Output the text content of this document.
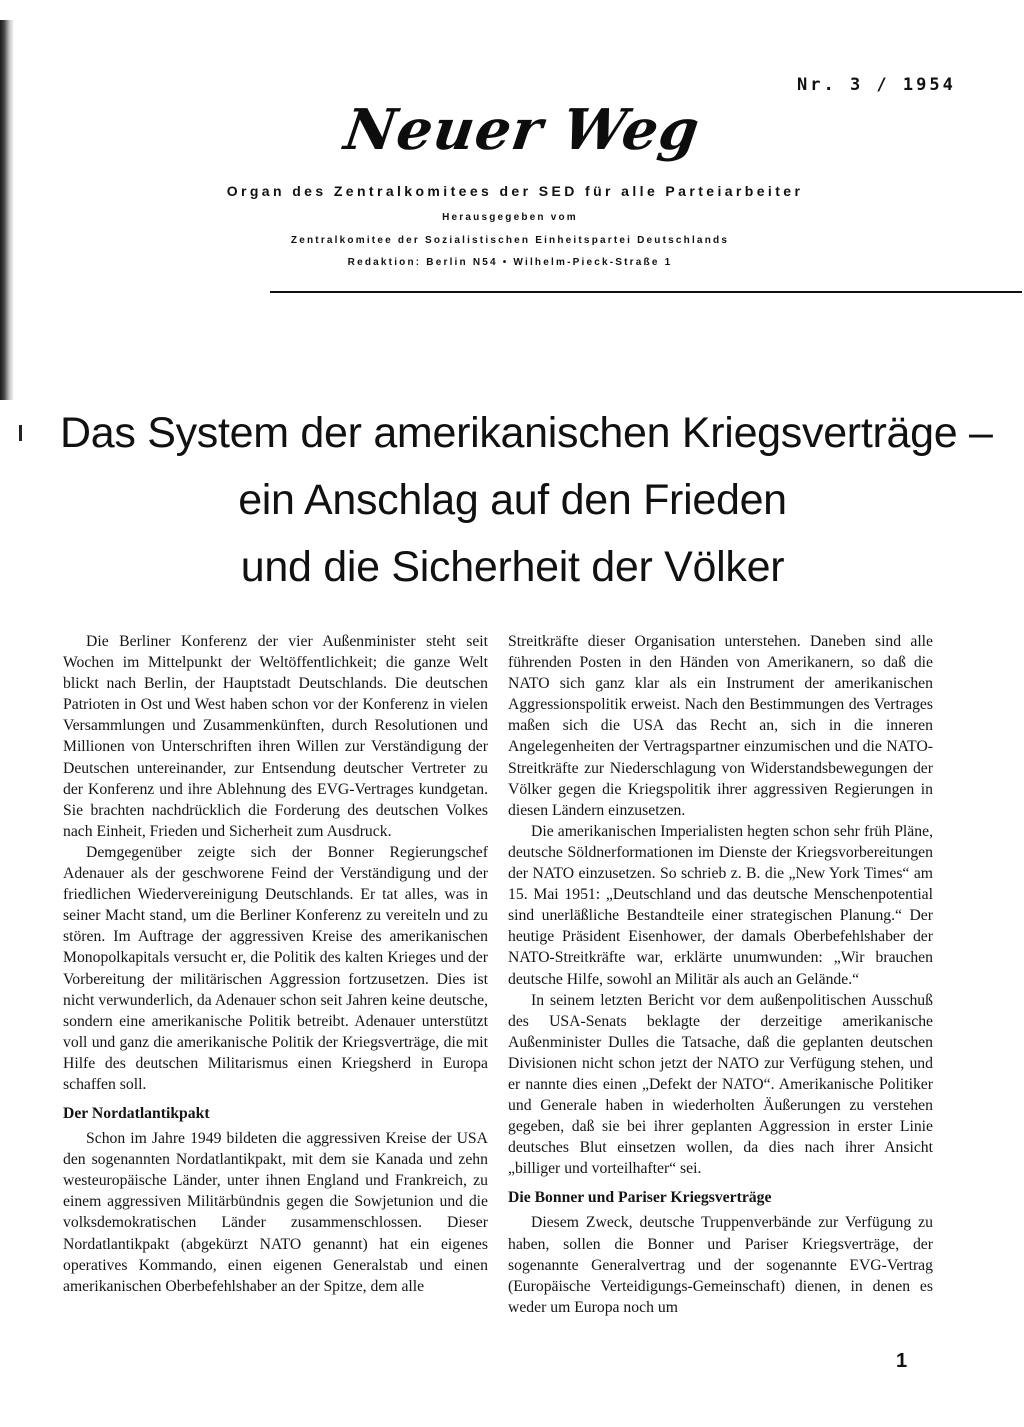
Nr. 3 / 1954
Neuer Weg
Organ des Zentralkomitees der SED für alle Parteiarbeiter
Herausgegeben vom
Zentralkomitee der Sozialistischen Einheitspartei Deutschlands
Redaktion: Berlin N54 • Wilhelm-Pieck-Straße 1
Das System der amerikanischen Kriegsverträge –
ein Anschlag auf den Frieden
und die Sicherheit der Völker

Die Berliner Konferenz der vier Außenminister steht seit Wochen im Mittelpunkt der Weltöffentlichkeit; die ganze Welt blickt nach Berlin, der Hauptstadt Deutschlands. Die deutschen Patrioten in Ost und West haben schon vor der Konferenz in vielen Versammlungen und Zusammenkünften, durch Resolutionen und Millionen von Unterschriften ihren Willen zur Verständigung der Deutschen untereinander, zur Entsendung deutscher Vertreter zu der Konferenz und ihre Ablehnung des EVG-Vertrages kundgetan. Sie brachten nachdrücklich die Forderung des deutschen Volkes nach Einheit, Frieden und Sicherheit zum Ausdruck.

Demgegenüber zeigte sich der Bonner Regierungschef Adenauer als der geschworene Feind der Verständigung und der friedlichen Wiedervereinigung Deutschlands. Er tat alles, was in seiner Macht stand, um die Berliner Konferenz zu vereiteln und zu stören. Im Auftrage der aggressiven Kreise des amerikanischen Monopolkapitals versucht er, die Politik des kalten Krieges und der Vorbereitung der militärischen Aggression fortzusetzen. Dies ist nicht verwunderlich, da Adenauer schon seit Jahren keine deutsche, sondern eine amerikanische Politik betreibt. Adenauer unterstützt voll und ganz die amerikanische Politik der Kriegsverträge, die mit Hilfe des deutschen Militarismus einen Kriegsherd in Europa schaffen soll.

Der Nordatlantikpakt

Schon im Jahre 1949 bildeten die aggressiven Kreise der USA den sogenannten Nordatlantikpakt, mit dem sie Kanada und zehn westeuropäische Länder, unter ihnen England und Frankreich, zu einem aggressiven Militärbündnis gegen die Sowjetunion und die volksdemokratischen Länder zusammenschlossen. Dieser Nordatlantikpakt (abgekürzt NATO genannt) hat ein eigenes operatives Kommando, einen eigenen Generalstab und einen amerikanischen Oberbefehlshaber an der Spitze, dem alle

Streitkräfte dieser Organisation unterstehen. Daneben sind alle führenden Posten in den Händen von Amerikanern, so daß die NATO sich ganz klar als ein Instrument der amerikanischen Aggressionspolitik erweist. Nach den Bestimmungen des Vertrages maßen sich die USA das Recht an, sich in die inneren Angelegenheiten der Vertragspartner einzumischen und die NATO-Streitkräfte zur Niederschlagung von Widerstandsbewegungen der Völker gegen die Kriegspolitik ihrer aggressiven Regierungen in diesen Ländern einzusetzen.

Die amerikanischen Imperialisten hegten schon sehr früh Pläne, deutsche Söldnerformationen im Dienste der Kriegsvorbereitungen der NATO einzusetzen. So schrieb z. B. die „New York Times“ am 15. Mai 1951: „Deutschland und das deutsche Menschenpotential sind unerläßliche Bestandteile einer strategischen Planung.“ Der heutige Präsident Eisenhower, der damals Oberbefehlshaber der NATO-Streitkräfte war, erklärte unumwunden: „Wir brauchen deutsche Hilfe, sowohl an Militär als auch an Gelände.“

In seinem letzten Bericht vor dem außenpolitischen Ausschuß des USA-Senats beklagte der derzeitige amerikanische Außenminister Dulles die Tatsache, daß die geplanten deutschen Divisionen nicht schon jetzt der NATO zur Verfügung stehen, und er nannte dies einen „Defekt der NATO“. Amerikanische Politiker und Generale haben in wiederholten Äußerungen zu verstehen gegeben, daß sie bei ihrer geplanten Aggression in erster Linie deutsches Blut einsetzen wollen, da dies nach ihrer Ansicht „billiger und vorteilhafter“ sei.

Die Bonner und Pariser Kriegsverträge

Diesem Zweck, deutsche Truppenverbände zur Verfügung zu haben, sollen die Bonner und Pariser Kriegsverträge, der sogenannte Generalvertrag und der sogenannte EVG-Vertrag (Europäische Verteidigungs-Gemeinschaft) dienen, in denen es weder um Europa noch um

1
